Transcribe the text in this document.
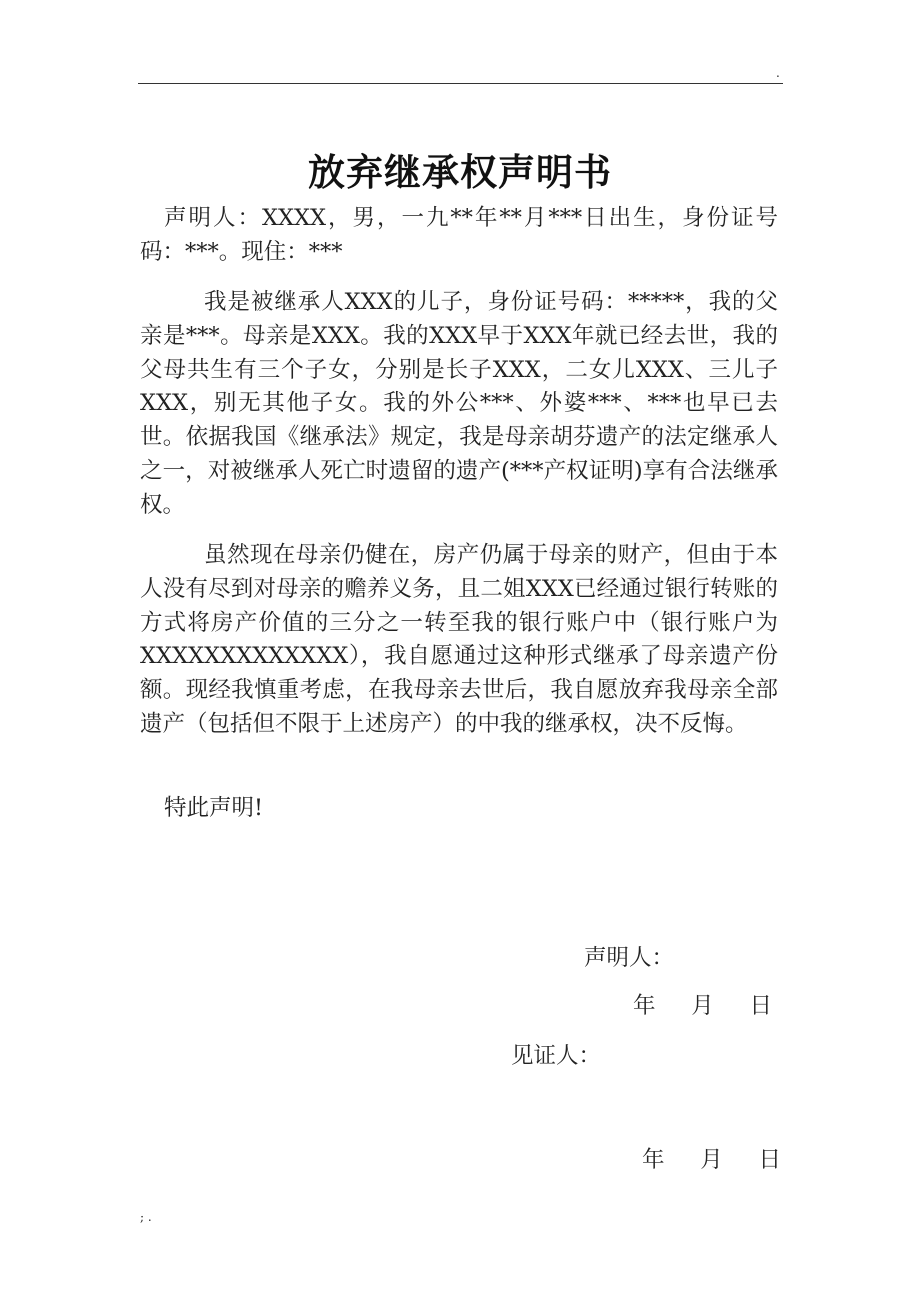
.
放弃继承权声明书

声明人：XXXX，男，一九**年**月***日出生，身份证号码：***。现住：***

我是被继承人XXX的儿子，身份证号码：*****，我的父亲是***。母亲是XXX。我的XXX早于XXX年就已经去世，我的父母共生有三个子女，分别是长子XXX，二女儿XXX、三儿子XXX，别无其他子女。我的外公***、外婆***、***也早已去世。依据我国《继承法》规定，我是母亲胡芬遗产的法定继承人之一，对被继承人死亡时遗留的遗产(***产权证明)享有合法继承权。

虽然现在母亲仍健在，房产仍属于母亲的财产，但由于本人没有尽到对母亲的赡养义务，且二姐XXX已经通过银行转账的方式将房产价值的三分之一转至我的银行账户中（银行账户为XXXXXXXXXXXXX），我自愿通过这种形式继承了母亲遗产份额。现经我慎重考虑，在我母亲去世后，我自愿放弃我母亲全部遗产（包括但不限于上述房产）的中我的继承权，决不反悔。

特此声明!

声明人：
年     月     日
见证人：
年     月     日
; .
